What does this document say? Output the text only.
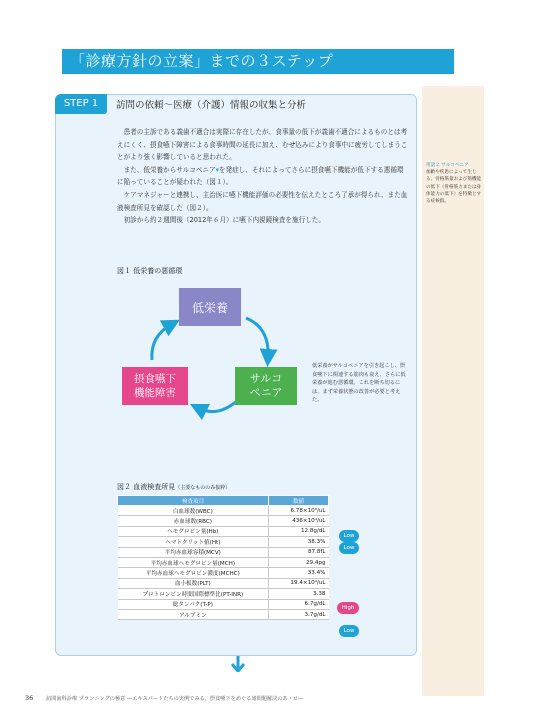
「診療方針の立案」までの３ステップ
用語２ サルコペニア
加齢や疾患によって生じる、骨格筋量および筋機能の低下（骨格筋力または身体能力の低下）を特徴とする症候群。
STEP 1	訪問の依頼～医療（介護）情報の収集と分析

患者の主訴である義歯不適合は実際に存在したが、食事量の低下が義歯不適合によるものとは考えにくく、摂食嚥下障害による食事時間の延長に加え、むせ込みにより食事中に疲労してしまうことがより強く影響していると思われた。

また、低栄養からサルコペニア▾を発症し、それによってさらに摂食嚥下機能が低下する悪循環に陥っていることが疑われた（図１）。

ケアマネジャーと連携し、主治医に嚥下機能評価の必要性を伝えたところ了承が得られ、また血液検査所見を確認した（図２）。

初診から約２週間後（2012年６月）に嚥下内視鏡検査を施行した。

図１ 低栄養の悪循環
低栄養
サルコ
ペニア
摂食嚥下
機能障害
低栄養がサルコペニアを引き起こし、摂食嚥下に関連する筋肉も衰え、さらに低栄養が進む悪循環。これを断ち切るには、まず栄養状態の改善が必要と考えた。
図２ 血液検査所見（主要なもののみ抜粋）
検査項目	数値
白血球数(WBC)	6.78×10³/uL
赤血球数(RBC)	436×10⁴/uL
ヘモグロビン量(Hb)	12.8g/dL
ヘマトクリット値(Ht)	38.3%
平均赤血球容積(MCV)	87.8fL
平均赤血球ヘモグロビン量(MCH)	29.4pg
平均赤血球ヘモグロビン濃度(MCHC)	33.4%
血小板数(PLT)	19.4×10⁴/uL
プロトロンビン時間国際標準比(PT-INR)	3.38
総タンパク(T-P)	6.7g/dL
アルブミン	3.7g/dL
Low
Low
High
Low
36 訪問歯科診療 プランニングの極意 ―エキスパートたちの実例でみる、摂食嚥下をめぐる諸問題解決のあ・ロ―
